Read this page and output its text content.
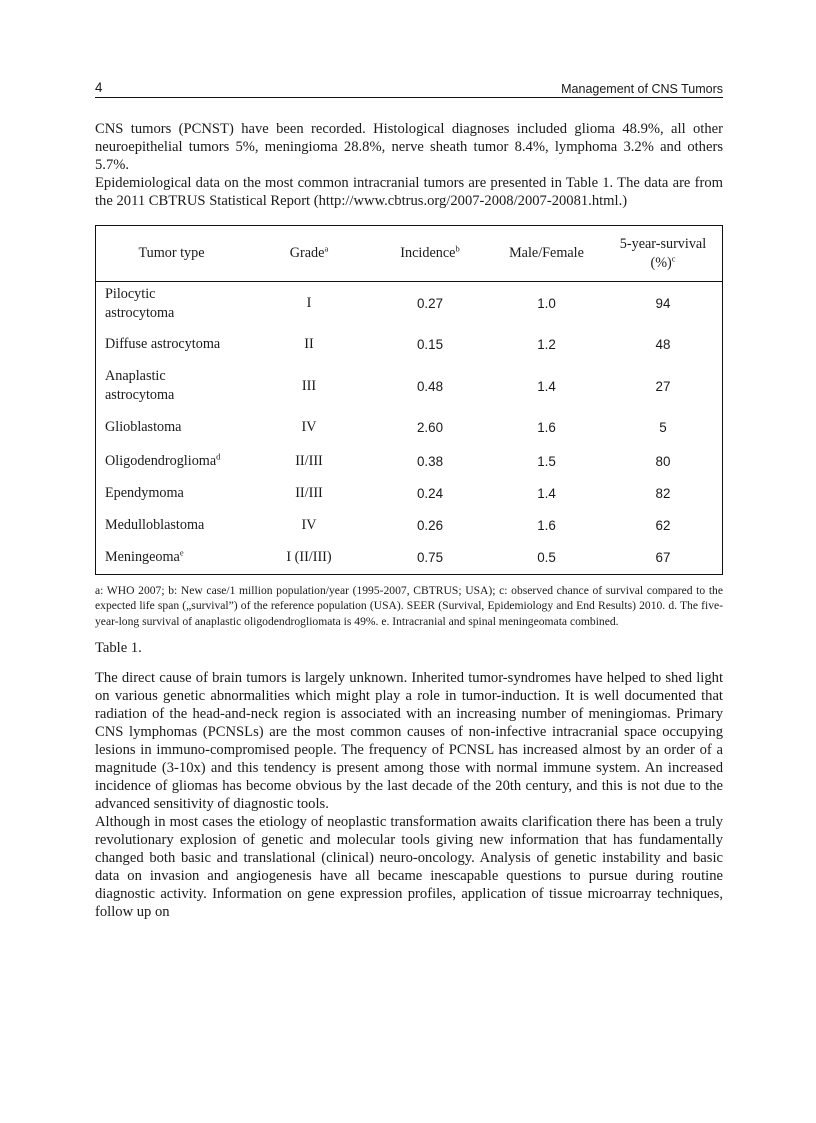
4	Management of CNS Tumors

CNS tumors (PCNST) have been recorded. Histological diagnoses included glioma 48.9%, all other neuroepithelial tumors 5%, meningioma 28.8%, nerve sheath tumor 8.4%, lymphoma 3.2% and others 5.7%.

Epidemiological data on the most common intracranial tumors are presented in Table 1. The data are from the 2011 CBTRUS Statistical Report (http://www.cbtrus.org/2007-2008/2007-20081.html.)

Tumor type	Grade$^a$	Incidence$^b$	Male/Female	5-year-survival (%)$^c$
Pilocytic astrocytoma	I	0.27	1.0	94
Diffuse astrocytoma	II	0.15	1.2	48
Anaplastic astrocytoma	III	0.48	1.4	27
Glioblastoma	IV	2.60	1.6	5
Oligodendroglioma$^d$	II/III	0.38	1.5	80
Ependymoma	II/III	0.24	1.4	82
Medulloblastoma	IV	0.26	1.6	62
Meningeoma$^e$	I (II/III)	0.75	0.5	67

a: WHO 2007; b: New case/1 million population/year (1995-2007, CBTRUS; USA); c: observed chance of survival compared to the expected life span („survival”) of the reference population (USA). SEER (Survival, Epidemiology and End Results) 2010. d. The five-year-long survival of anaplastic oligodendrogliomata is 49%. e. Intracranial and spinal meningeomata combined.

Table 1.

The direct cause of brain tumors is largely unknown. Inherited tumor-syndromes have helped to shed light on various genetic abnormalities which might play a role in tumor-induction. It is well documented that radiation of the head-and-neck region is associated with an increasing number of meningiomas. Primary CNS lymphomas (PCNSLs) are the most common causes of non-infective intracranial space occupying lesions in immuno-compromised people. The frequency of PCNSL has increased almost by an order of a magnitude (3-10x) and this tendency is present among those with normal immune system. An increased incidence of gliomas has become obvious by the last decade of the 20th century, and this is not due to the advanced sensitivity of diagnostic tools.

Although in most cases the etiology of neoplastic transformation awaits clarification there has been a truly revolutionary explosion of genetic and molecular tools giving new information that has fundamentally changed both basic and translational (clinical) neuro-oncology. Analysis of genetic instability and basic data on invasion and angiogenesis have all became inescapable questions to pursue during routine diagnostic activity. Information on gene expression profiles, application of tissue microarray techniques, follow up on
